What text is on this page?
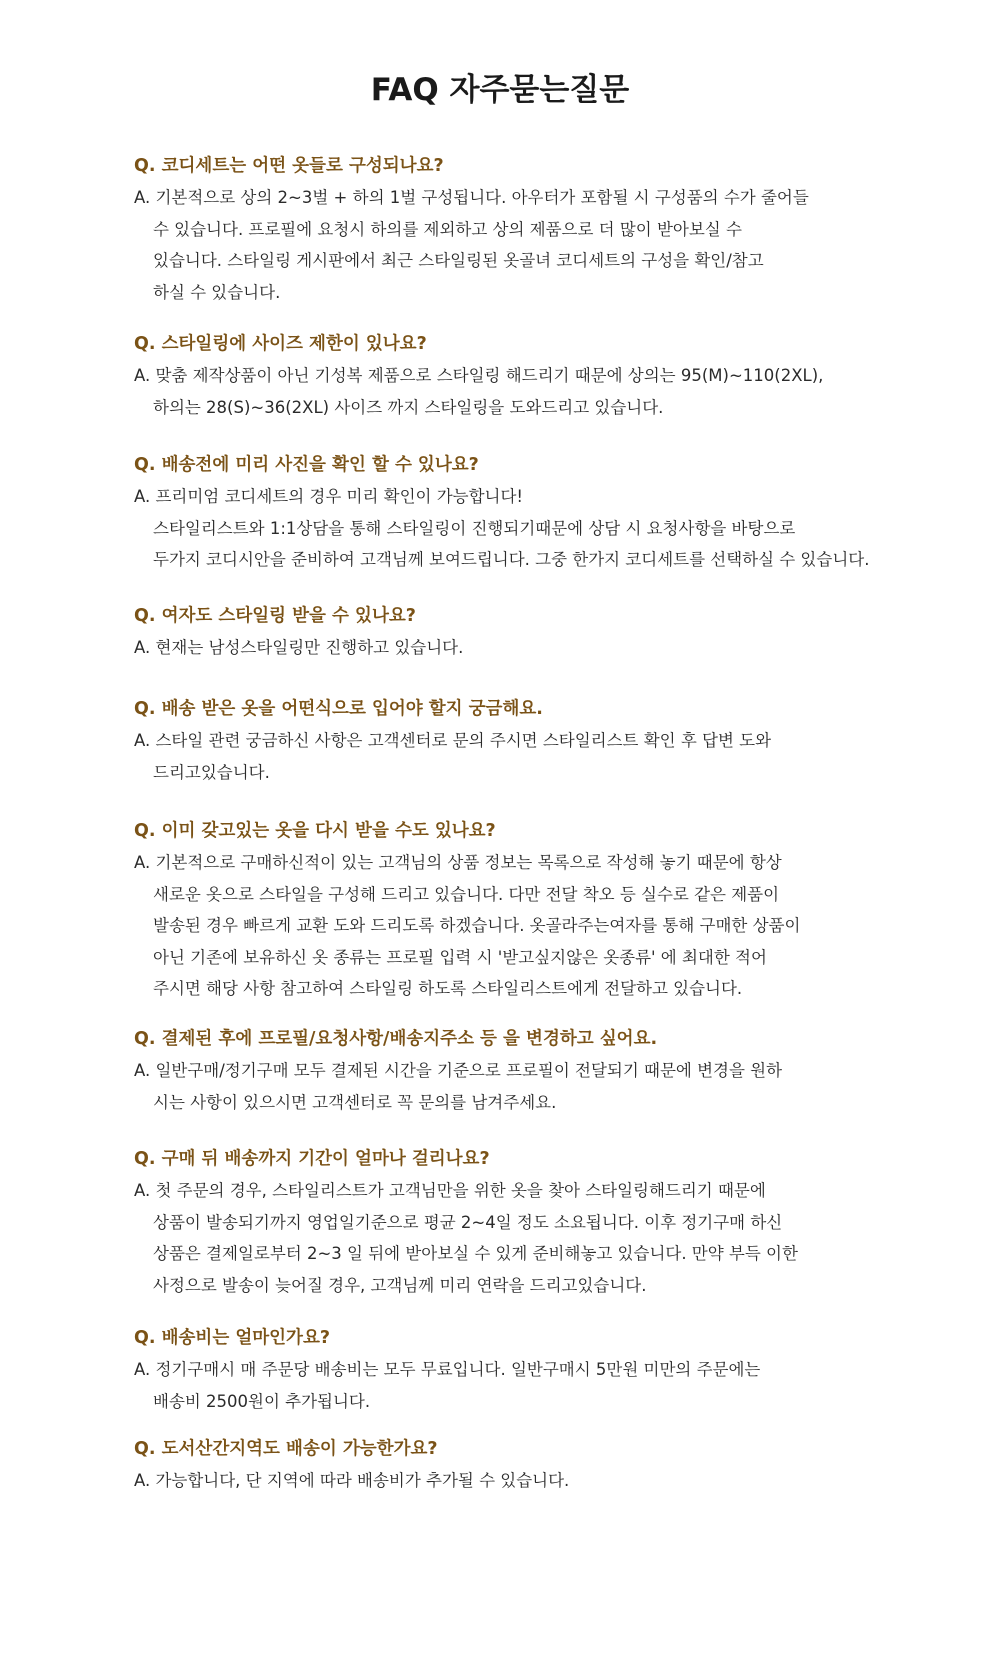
FAQ 자주묻는질문
Q. 코디세트는 어떤 옷들로 구성되나요?
A. 기본적으로 상의 2~3벌 + 하의 1벌 구성됩니다. 아우터가 포함될 시 구성품의 수가 줄어들
수 있습니다. 프로필에 요청시 하의를 제외하고 상의 제품으로 더 많이 받아보실 수
있습니다. 스타일링 게시판에서 최근 스타일링된 옷골녀 코디세트의 구성을 확인/참고
하실 수 있습니다.
Q. 스타일링에 사이즈 제한이 있나요?
A. 맞춤 제작상품이 아닌 기성복 제품으로 스타일링 해드리기 때문에 상의는 95(M)~110(2XL),
하의는 28(S)~36(2XL) 사이즈 까지 스타일링을 도와드리고 있습니다.
Q. 배송전에 미리 사진을 확인 할 수 있나요?
A. 프리미엄 코디세트의 경우 미리 확인이 가능합니다!
스타일리스트와 1:1상담을 통해 스타일링이 진행되기때문에 상담 시 요청사항을 바탕으로
두가지 코디시안을 준비하여 고객님께 보여드립니다. 그중 한가지 코디세트를 선택하실 수 있습니다.
Q. 여자도 스타일링 받을 수 있나요?
A. 현재는 남성스타일링만 진행하고 있습니다.
Q. 배송 받은 옷을 어떤식으로 입어야 할지 궁금해요.
A. 스타일 관련 궁금하신 사항은 고객센터로 문의 주시면 스타일리스트 확인 후 답변 도와
드리고있습니다.
Q. 이미 갖고있는 옷을 다시 받을 수도 있나요?
A. 기본적으로 구매하신적이 있는 고객님의 상품 정보는 목록으로 작성해 놓기 때문에 항상
새로운 옷으로 스타일을 구성해 드리고 있습니다. 다만 전달 착오 등 실수로 같은 제품이
발송된 경우 빠르게 교환 도와 드리도록 하겠습니다. 옷골라주는여자를 통해 구매한 상품이
아닌 기존에 보유하신 옷 종류는 프로필 입력 시 '받고싶지않은 옷종류' 에 최대한 적어
주시면 해당 사항 참고하여 스타일링 하도록 스타일리스트에게 전달하고 있습니다.
Q. 결제된 후에 프로필/요청사항/배송지주소 등 을 변경하고 싶어요.
A. 일반구매/정기구매 모두 결제된 시간을 기준으로 프로필이 전달되기 때문에 변경을 원하
시는 사항이 있으시면 고객센터로 꼭 문의를 남겨주세요.
Q. 구매 뒤 배송까지 기간이 얼마나 걸리나요?
A. 첫 주문의 경우, 스타일리스트가 고객님만을 위한 옷을 찾아 스타일링해드리기 때문에
상품이 발송되기까지 영업일기준으로 평균 2~4일 정도 소요됩니다. 이후 정기구매 하신
상품은 결제일로부터 2~3 일 뒤에 받아보실 수 있게 준비해놓고 있습니다. 만약 부득 이한
사정으로 발송이 늦어질 경우, 고객님께 미리 연락을 드리고있습니다.
Q. 배송비는 얼마인가요?
A. 정기구매시 매 주문당 배송비는 모두 무료입니다. 일반구매시 5만원 미만의 주문에는
배송비 2500원이 추가됩니다.
Q. 도서산간지역도 배송이 가능한가요?
A. 가능합니다, 단 지역에 따라 배송비가 추가될 수 있습니다.
